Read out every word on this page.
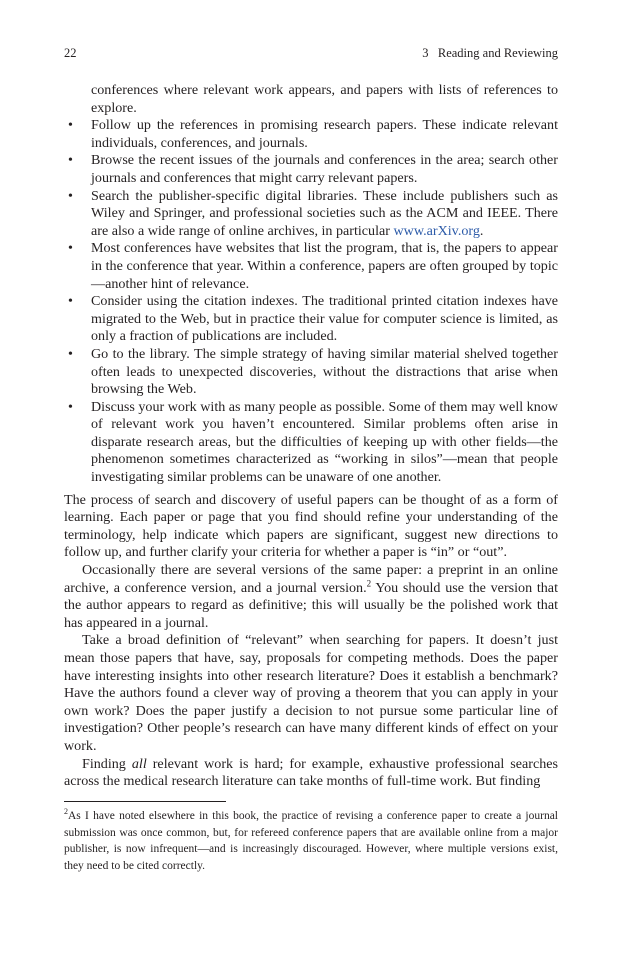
22	3   Reading and Reviewing
conferences where relevant work appears, and papers with lists of references to explore.
• Follow up the references in promising research papers. These indicate relevant individuals, conferences, and journals.
• Browse the recent issues of the journals and conferences in the area; search other journals and conferences that might carry relevant papers.
• Search the publisher-specific digital libraries. These include publishers such as Wiley and Springer, and professional societies such as the ACM and IEEE. There are also a wide range of online archives, in particular www.arXiv.org.
• Most conferences have websites that list the program, that is, the papers to appear in the conference that year. Within a conference, papers are often grouped by topic—another hint of relevance.
• Consider using the citation indexes. The traditional printed citation indexes have migrated to the Web, but in practice their value for computer science is limited, as only a fraction of publications are included.
• Go to the library. The simple strategy of having similar material shelved together often leads to unexpected discoveries, without the distractions that arise when browsing the Web.
• Discuss your work with as many people as possible. Some of them may well know of relevant work you haven’t encountered. Similar problems often arise in disparate research areas, but the difficulties of keeping up with other fields—the phenomenon sometimes characterized as “working in silos”—mean that people investigating similar problems can be unaware of one another.

The process of search and discovery of useful papers can be thought of as a form of learning. Each paper or page that you find should refine your understanding of the terminology, help indicate which papers are significant, suggest new directions to follow up, and further clarify your criteria for whether a paper is “in” or “out”.

Occasionally there are several versions of the same paper: a preprint in an online archive, a conference version, and a journal version.$^2$ You should use the version that the author appears to regard as definitive; this will usually be the polished work that has appeared in a journal.

Take a broad definition of “relevant” when searching for papers. It doesn’t just mean those papers that have, say, proposals for competing methods. Does the paper have interesting insights into other research literature? Does it establish a benchmark? Have the authors found a clever way of proving a theorem that you can apply in your own work? Does the paper justify a decision to not pursue some particular line of investigation? Other people’s research can have many different kinds of effect on your work.

Finding all relevant work is hard; for example, exhaustive professional searches across the medical research literature can take months of full-time work. But finding

$^2$As I have noted elsewhere in this book, the practice of revising a conference paper to create a journal submission was once common, but, for refereed conference papers that are available online from a major publisher, is now infrequent—and is increasingly discouraged. However, where multiple versions exist, they need to be cited correctly.
